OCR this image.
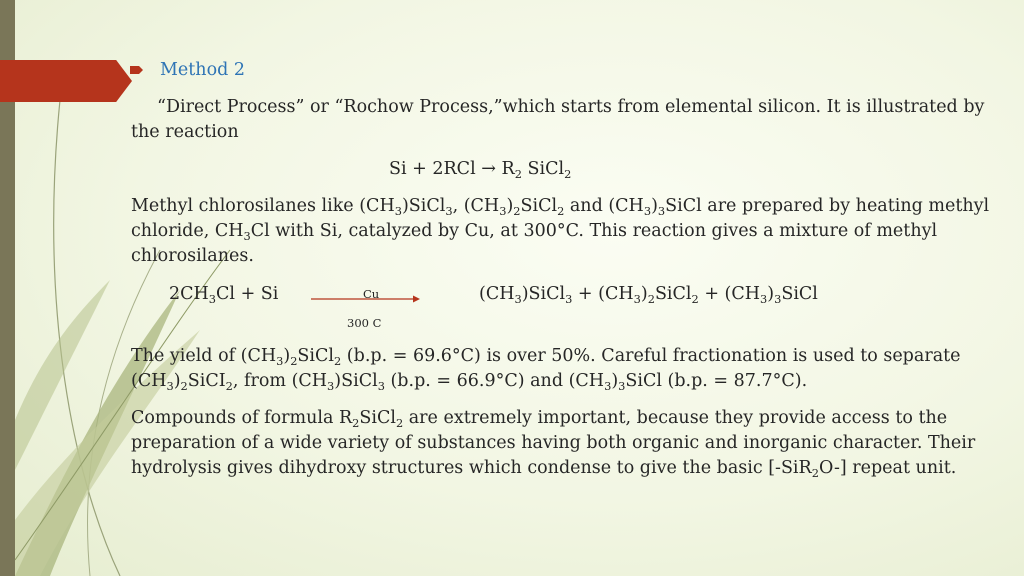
Method 2
“Direct Process” or “Rochow Process,”which starts from elemental silicon. It is illustrated by the reaction
$Si + 2RCl \to R_2$ SiCl$_2$
Methyl chlorosilanes like $(CH_3)SiCl_3$, $(CH_3)_2SiCl_2$ and $(CH_3)_3SiCl$ are prepared by heating methyl chloride, $CH_3Cl$ with Si, catalyzed by Cu, at 300°C. This reaction gives a mixture of methyl chlorosilanes.
$2CH_3Cl + Si$	Cu
300 C
$(CH_3)SiCl_3$ + $(CH_3)_2SiCl_2$ + $(CH_3)_3SiCl$
The yield of $(CH_3)_2SiCl_2$ (b.p. = 69.6°C) is over 50%. Careful fractionation is used to separate $(CH_3)_2SiCI_2$, from $(CH_3)SiCl_3$ (b.p. = 66.9°C) and $(CH_3)_3SiCl$ (b.p. = 87.7°C).
Compounds of formula $R_2SiCl_2$ are extremely important, because they provide access to the preparation of a wide variety of substances having both organic and inorganic character. Their hydrolysis gives dihydroxy structures which condense to give the basic [-SiR$_2$O-] repeat unit.
